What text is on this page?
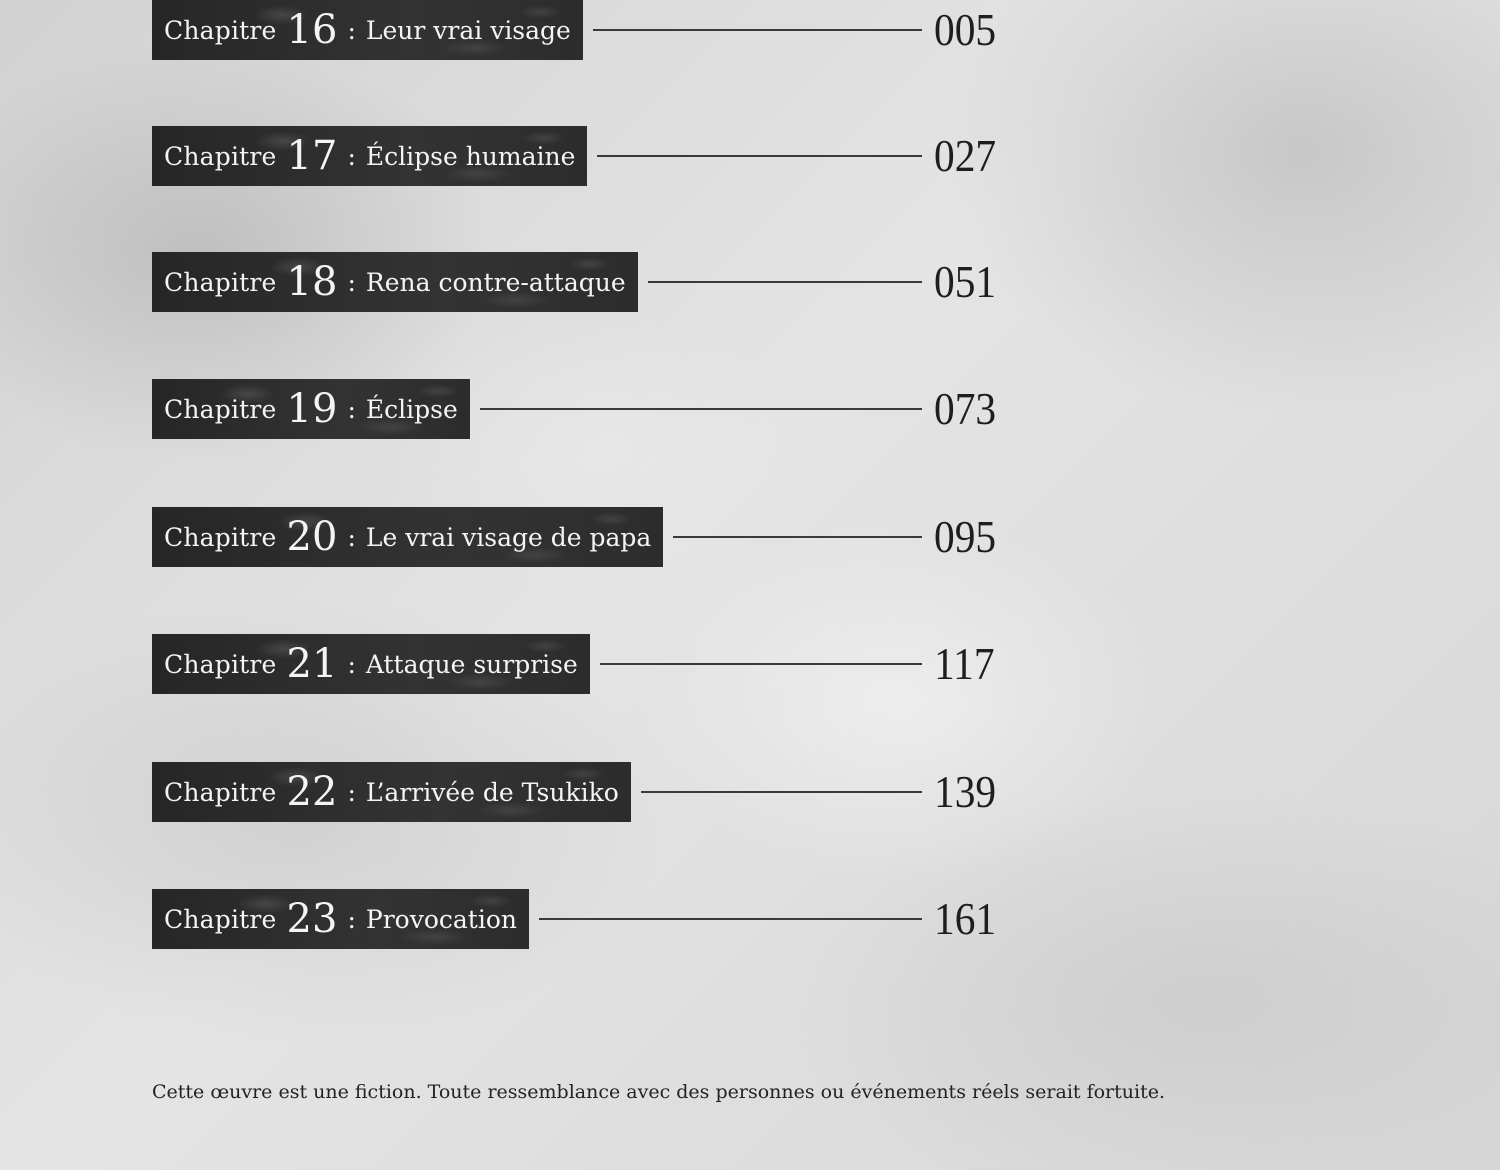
Chapitre 16 : Leur vrai visage	005
Chapitre 17 : Éclipse humaine	027
Chapitre 18 : Rena contre-attaque	051
Chapitre 19 : Éclipse	073
Chapitre 20 : Le vrai visage de papa	095
Chapitre 21 : Attaque surprise	117
Chapitre 22 : L’arrivée de Tsukiko	139
Chapitre 23 : Provocation	161

Cette œuvre est une fiction. Toute ressemblance avec des personnes ou événements réels serait fortuite.
